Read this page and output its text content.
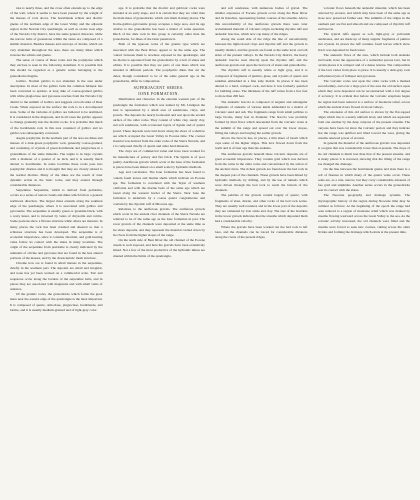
ture is nearly three, and the cross often extends up to the edge of the wall, where it seems to have been pressed by the weight of the masses of rock above. The hornblende schists and dioritic gneiss of the northern edge of the Great Valley and the adjacent region in the Nevada City quadrangle, as well as on the west edge of the Nevada City district, have the same general character, while the narrow belts of greenstone within the slates are composed of a similar material. Besides masses and outcrops of diorite, which are very abundant throughout the area, there are many dikes which traverse the schists and gneiss.

The sense of course of these rocks and the porphyries which they enclose is seen in the following statement. It is possible that this should be regarded as a genetic series belonging to the granodiorite magma.

Gabbro. Normal gabbro is not abundant in the area under description. In most of the gabbro belts the common feldspar has been converted to epidote. A long dike of coarse-grained gabbro with white plagioclase and pyroxene reaches from the Nevada City district to the summit of Gabbro and suggests on both sides of Deer Creek. When exposed on the surface the rock is in a decomposed state. Some of the varieties of gabbro are believed to be uralitized. It is considered in the diagnosis, and in all cases the gabbro appears to change gradually into the dioritic rocks. It is probable that much of the hornblende rock in this area consisted of gabbro and no gabbro was subsequently converted.

Augite porphyrite. In the northern part of the area are dikes and masses of a dark-green porphyritic rock, generally coarse-grained, and consisting of crystals of green hornblende and plagioclase in a groundmass of the same minerals. The augite is in large crystals with a diameter of a quarter of an inch, and it is usually much altered to hornblende. In some localities these rocks pass into porphyritic diorites and it is thought that they are closely related to the normal diorites. Many of the dikes are the result of later dynamic action in the basic rocks, and they extend through considerable distances.

Serpentine. Serpentine, which is derived from peridotite, occurs as a series of narrow bands and dikes which follow a general northwest direction. The largest mass extends along the southern edge of the quadrangle, where it is associated with gabbro and pyroxenite. The serpentine is usually green or greenish-black, with a waxy luster, and is traversed by veins of chrysotile and calcite. Some portions show a fibrous structure while others are massive. In many places the rock has been crushed and sheared so that a schistose structure has been developed. The serpentine is of economic importance, since it contains chromite, and gold-bearing veins follow its contact with the slates in many localities. The origin of the serpentine from peridotite is clearly indicated by the remnants of olivine and pyroxene that are found in the less altered portions of the masses, and by the characteristic mesh structure.

Chrome iron ore is found in small masses in the serpentine, chiefly in the southern part. The deposits are small and irregular, and none has yet been worked on a commercial scale. Talc and soapstone occur along the borders of the serpentine belts, and in places they are associated with magnesite and with small veins of asbestos.

Of the granitic rocks, the granodiorite which forms the great mass near the eastern edge of the quadrangle is the most important. It is composed of quartz, orthoclase, plagioclase, hornblende, and biotite, and it is usually medium-grained and of light-gray color.

age. It is probable that the dioritic and gabbroic rocks were intruded at an early stage, and it is certain that they are older than the main mass of granodiorite, which cuts them in many places. The diorite-gabbro-pyroxenite group occupies a large area, and its age relative to the granodiorite has been a matter of some question. Much of the dark rock in this group is certainly older than the granodiorite, for dikes of the latter penetrate it.

Both of the igneous rocks of the granite type which are associated with the Bear River, appear to be the same age. The contact between them is nowhere exposed in the quadrangle, and the diorite is separated from the granodiorite by a belt of slates and schists. It is possible that they are parts of one mass which was intruded at different periods. The porphyritic dikes that cut the slates, though considered to be of the same general age as the granodiorite, differ in composition.

SUPERJACENT SERIES.
IONE FORMATION.

Distribution and character. In the extreme western part of the quadrangle the formation which was named by Mr. Lindgren the Ione is represented by a small area of sandstones, clays, and gravels. The deposits lie nearly horizontal and rest upon the eroded surface of the older rocks. They consist of white clay, sandy clay, and soft sandstone, with occasional layers of lignite and of quartz gravel. These deposits were laid down along the shore of a shallow sea which occupied the Great Valley in Eocene time. The coarser material was derived from the older rocks of the Sierra Nevada, and it is composed chiefly of quartz and other hard minerals.

The clays are of commercial value and have been worked for the manufacture of pottery and fire brick. The lignite is of poor quality. Auriferous gravels which occur at the base of the formation in places have been mined on a small scale by hydraulic methods.

Age and correlation. The Ione formation has been found to contain fossil leaves and marine shells which indicate an Eocene age. The formation is correlated with the Tejon of southern California and with the marine beds of the same age which are found along the western border of the Sierra. Near Ione the formation is underlain by a coarse quartz conglomerate and overlain by the rhyolitic tuff of Miocene age.

Relations to the auriferous gravels. The auriferous gravels which occur in the ancient river channels of the Sierra Nevada are believed to be of the same age as the Ione formation in part. The lower gravels of the channels were deposited at the same time as the shore deposits, and they represent the material carried down by the rivers from the higher slopes of the range.

On the north side of Bear River the old channel of the Eocene stream is well exposed, and here the gravels have been extensively mined. Not a few of the most productive of the hydraulic mines are situated within the limits of the quadrangle.

and soft sandstone, with numerous bodies of gravel. The smaller exposures of Eocene gravels occur along the Bear River and its branches, representing former courses of the streams. Above this unconformity of the auriferous gravels there were later accumulated material of volcanic origin, including rhyolite tuff and andesitic breccias, which now cap many of the ridges.

Along the south side of the ridge the line of unconformity between the lightcolored clays and rhyolite tuff and the gravels is usually distinct, and the gravels are found at the same level on both sides of the present valleys. In the Nevada City district, the heavy andesitic breccia rests directly upon the rhyolite tuff, and the auriferous gravels rest upon the bed rock of slates and granodiorite.

The rhyolitic tuff is usually white or light gray, and it is composed of fragments of pumice, glass, and crystals of quartz and sanidine embedded in a fine ashy matrix. In places it has been altered to a hard, compact rock, and here it was formerly quarried for building stone. The thickness of the tuff varies from a few feet to more than 200 feet.

The andesitic breccia is composed of angular and subangular fragments of andesite of various kinds embedded in a matrix of volcanic sand and ash. The fragments range from small pebbles to large blocks, many feet in diameter. The breccia was probably formed by mud flows which descended from the volcanic vents at the summit of the range and spread out over the lower slopes, filling the valleys and burying the earlier gravels.

Above the breccia lies, in places, a thin sheet of basalt which caps some of the higher ridges. This lava flowed down from the north and is of later age than the andesite.

The auriferous gravels beneath these volcanic deposits are of great economic importance. They contain gold which was derived from the veins in the older rocks and concentrated by the action of the ancient rivers. The richest gravels are found near the bed rock in the deepest part of the channels. These gravels have been mined by hydraulic methods, by drifting, and by the use of tunnels which were driven through the bed rock to reach the bottom of the channels.

The pebbles of the gravels consist largely of quartz, with fragments of slate, diorite, and other rocks of the bed rock series. They are usually well rounded, and in the lower part of the deposits they are cemented by iron oxide and clay. The size of the boulders in the lower gravels indicates that the streams which deposited them had a considerable velocity.

Where the gravels have been worked out the bed rock is left bare, and the channels can be traced for considerable distances along the crests of the present ridges.

volcanic flows beneath the andesitic material, which has been removed by erosion, and which may have been of the same age as those now preserved farther east. The summits of the ridges in the southern part are flat and smooth and are composed of rhyolitic tuff and breccia.

The typical tuffs appear as soft, light-gray or yellowish sandstones, and are made up of many angular fragments of pumice and crystals. In places the tuff contains fossil leaves which show that it was deposited in fresh water.

The andesitic flows of the area, which include both andesite and basalt, have the appearance of a somewhat porous lava, but in certain places it is compact and of a dense texture. The composition of the lava varies from place to place. It is usually a dark-gray rock with phenocrysts of feldspar and pyroxene.

The volcanic rocks rest upon the older rocks with a marked unconformity, and over a large part of the area the old surface upon which they were deposited can be reconstructed with a fair degree of accuracy. It is evident that before the volcanic eruptions began the region had been reduced to a surface of moderate relief, across which the ancient rivers flowed in broad valleys.

The extension of this old surface is shown by the flat-topped ridges which rise to a nearly uniform level, and which are separated from one another by the deep canyons of the present streams. The canyons have been cut since the volcanic period, and they indicate that the range was uplifted and tilted toward the west, giving the streams renewed power of erosion.

In general the material of the auriferous gravels was deposited in a region that was considerably lower than at present. The slope of the old channels is much less than that of the present streams, and in many places it is reversed, showing that the tilting of the range has changed the drainage.

On the line between the hornblende gneiss and slate there is a belt of fissures in which many of the quartz veins occur. These veins are, as a rule, narrow, but they carry considerable amounts of free gold and sulphides. Another series occurs in the granodiorite near its contact with the slates.

The Neocene geography and drainage systems. The physiographic history of the region during Neocene time may be outlined as follows: At the beginning of the epoch the range had been reduced to a region of moderate relief which was drained by streams flowing westward across the Great Valley to the sea. As the volcanic activity increased, the old channels were filled and the streams were forced to seek new courses, cutting across the older divides and forming the drainage which exists at the present time.
